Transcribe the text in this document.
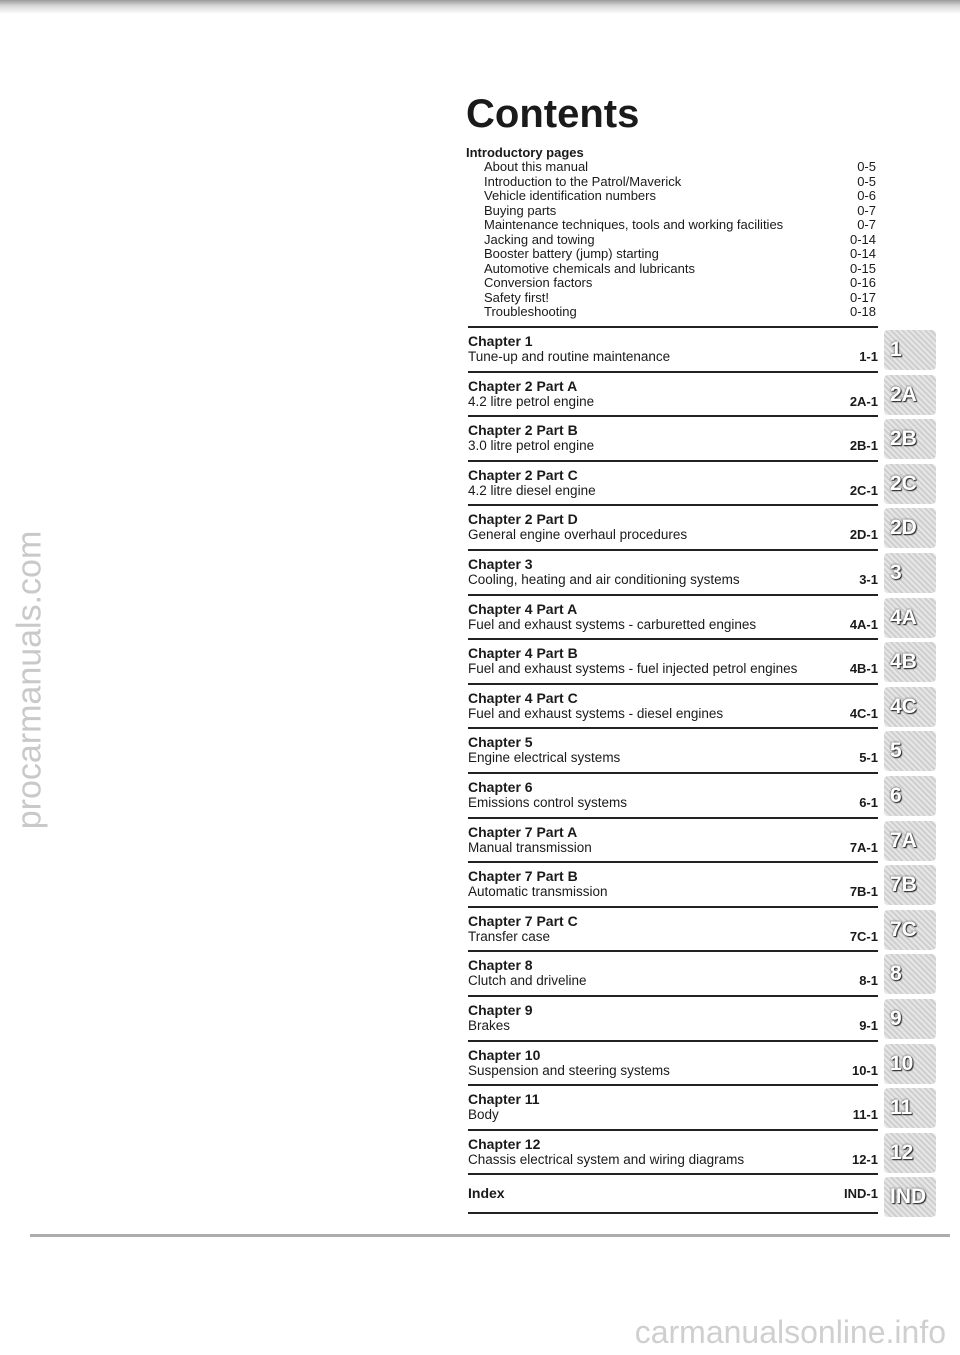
procarmanuals.com
Contents
Introductory pages
About this manual	0-5
Introduction to the Patrol/Maverick	0-5
Vehicle identification numbers	0-6
Buying parts	0-7
Maintenance techniques, tools and working facilities	0-7
Jacking and towing	0-14
Booster battery (jump) starting	0-14
Automotive chemicals and lubricants	0-15
Conversion factors	0-16
Safety first!	0-17
Troubleshooting	0-18
Chapter 1
Tune-up and routine maintenance	1-1
Chapter 2 Part A
4.2 litre petrol engine	2A-1
Chapter 2 Part B
3.0 litre petrol engine	2B-1
Chapter 2 Part C
4.2 litre diesel engine	2C-1
Chapter 2 Part D
General engine overhaul procedures	2D-1
Chapter 3
Cooling, heating and air conditioning systems	3-1
Chapter 4 Part A
Fuel and exhaust systems - carburetted engines	4A-1
Chapter 4 Part B
Fuel and exhaust systems - fuel injected petrol engines	4B-1
Chapter 4 Part C
Fuel and exhaust systems - diesel engines	4C-1
Chapter 5
Engine electrical systems	5-1
Chapter 6
Emissions control systems	6-1
Chapter 7 Part A
Manual transmission	7A-1
Chapter 7 Part B
Automatic transmission	7B-1
Chapter 7 Part C
Transfer case	7C-1
Chapter 8
Clutch and driveline	8-1
Chapter 9
Brakes	9-1
Chapter 10
Suspension and steering systems	10-1
Chapter 11
Body	11-1
Chapter 12
Chassis electrical system and wiring diagrams	12-1
Index	IND-1
1
2A
2B
2C
2D
3
4A
4B
4C
5
6
7A
7B
7C
8
9
10
11
12
IND
carmanualsonline.info
